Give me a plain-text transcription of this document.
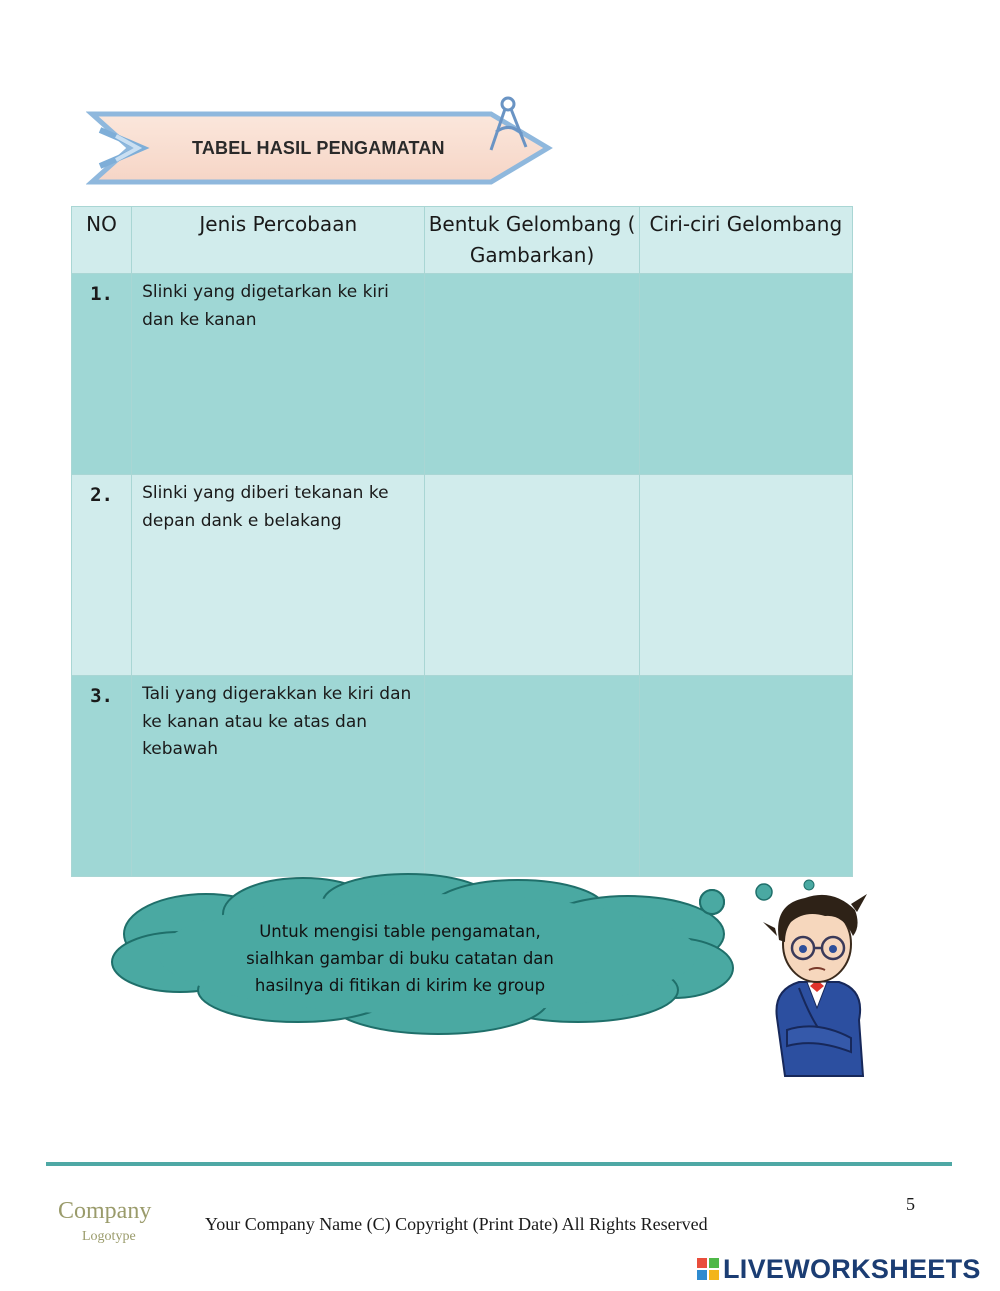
TABEL HASIL PENGAMATAN
NO	Jenis Percobaan	Bentuk Gelombang ( Gambarkan)	Ciri-ciri Gelombang
1.	Slinki yang digetarkan ke kiri dan ke kanan		
2.	Slinki yang diberi tekanan ke depan dank e belakang		
3.	Tali yang digerakkan ke kiri dan ke kanan atau ke atas dan kebawah		
Untuk mengisi table pengamatan,
sialhkan gambar di buku catatan dan
hasilnya di fitikan di kirim ke group
Company
Logotype
Your Company Name (C) Copyright (Print Date) All Rights Reserved
5
LIVEWORKSHEETS
